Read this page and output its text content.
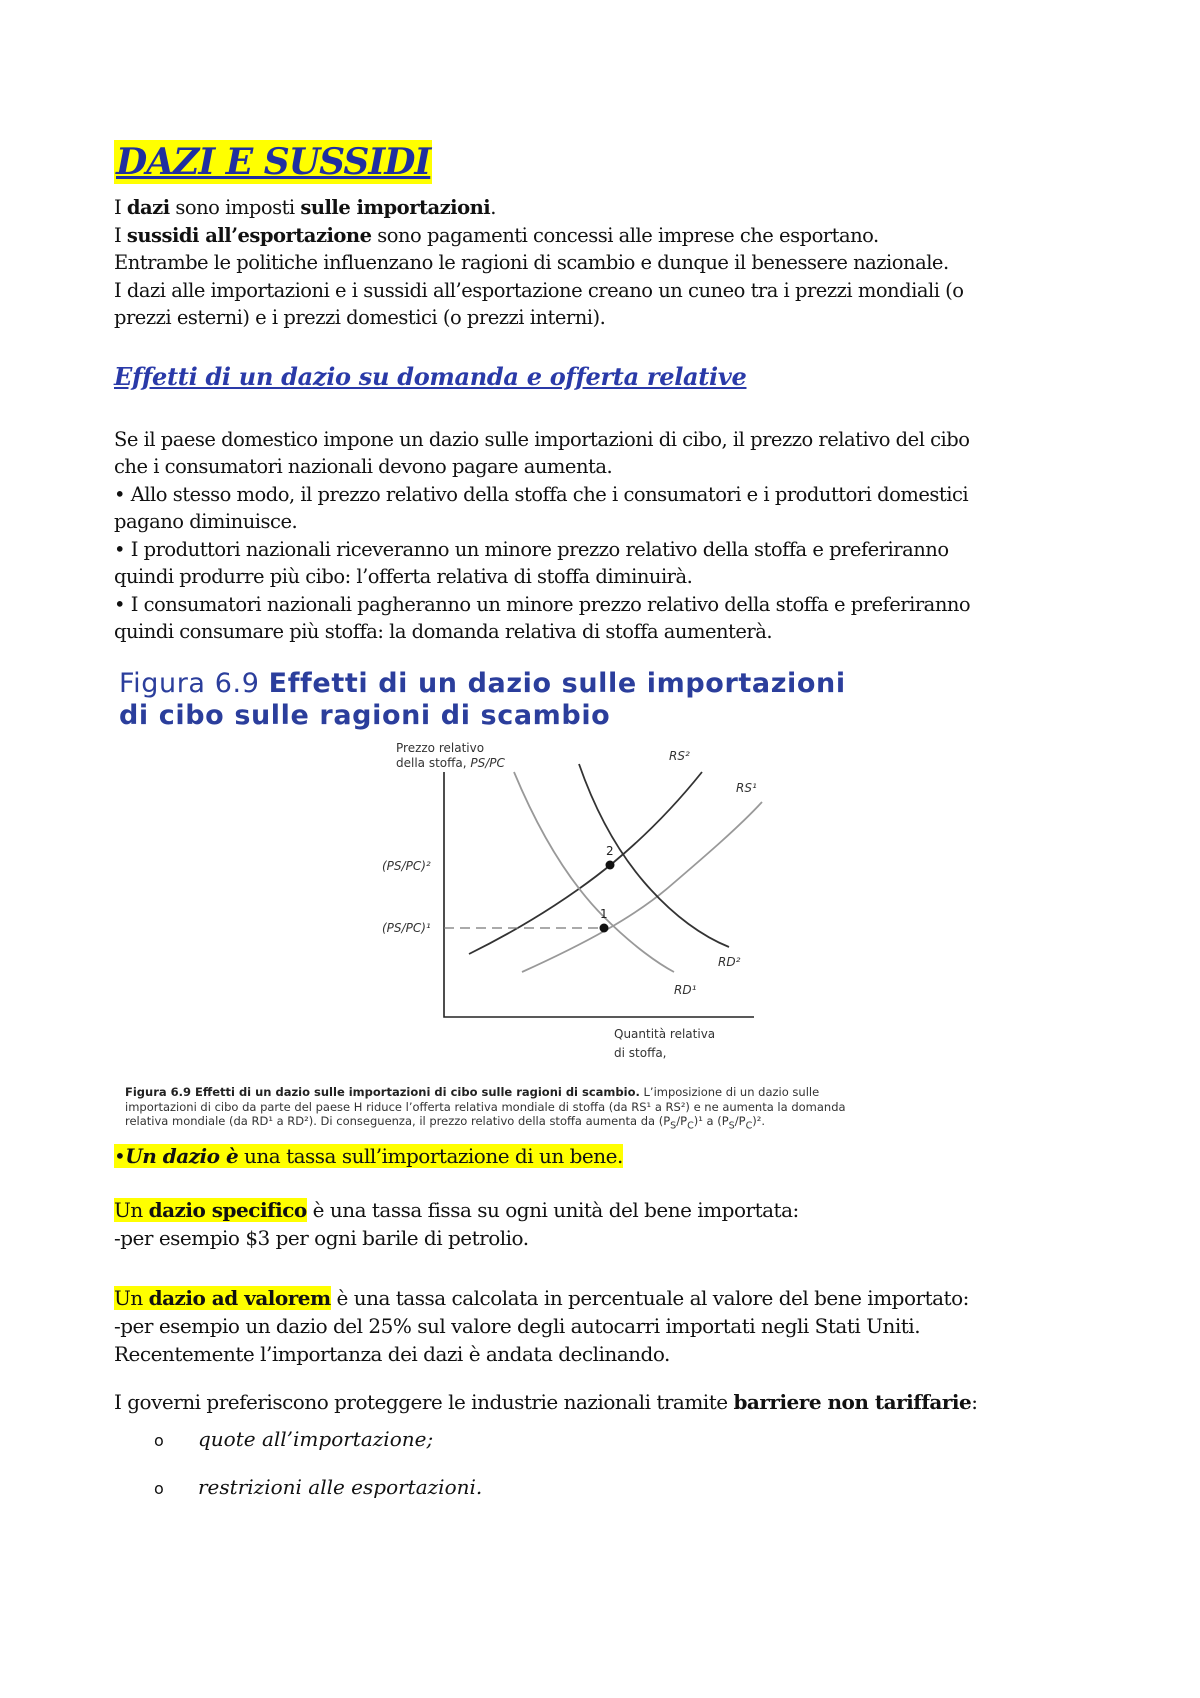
DAZI E SUSSIDI

I dazi sono imposti sulle importazioni.

I sussidi all’esportazione sono pagamenti concessi alle imprese che esportano.

Entrambe le politiche influenzano le ragioni di scambio e dunque il benessere nazionale.

I dazi alle importazioni e i sussidi all’esportazione creano un cuneo tra i prezzi mondiali (o

prezzi esterni) e i prezzi domestici (o prezzi interni).

Effetti di un dazio su domanda e offerta relative

Se il paese domestico impone un dazio sulle importazioni di cibo, il prezzo relativo del cibo

che i consumatori nazionali devono pagare aumenta.

• Allo stesso modo, il prezzo relativo della stoffa che i consumatori e i produttori domestici

pagano diminuisce.

• I produttori nazionali riceveranno un minore prezzo relativo della stoffa e preferiranno

quindi produrre più cibo: l’offerta relativa di stoffa diminuirà.

• I consumatori nazionali pagheranno un minore prezzo relativo della stoffa e preferiranno

quindi consumare più stoffa: la domanda relativa di stoffa aumenterà.

Figura 6.9 Effetti di un dazio sulle importazioni
di cibo sulle ragioni di scambio
Prezzo relativo
della stoffa, PS/PC
Quantità relativa
di stoffa,
RS²
RS¹
RD¹
RD²
1
2
(PS/PC)²
(PS/PC)¹

•Un dazio è una tassa sull’importazione di un bene.

Un dazio specifico è una tassa fissa su ogni unità del bene importata:

-per esempio $3 per ogni barile di petrolio.

Un dazio ad valorem è una tassa calcolata in percentuale al valore del bene importato:

-per esempio un dazio del 25% sul valore degli autocarri importati negli Stati Uniti.

Recentemente l’importanza dei dazi è andata declinando.

I governi preferiscono proteggere le industrie nazionali tramite barriere non tariffarie:

o quote all’importazione;
o restrizioni alle esportazioni.
Figura 6.9 Effetti di un dazio sulle importazioni di cibo sulle ragioni di scambio. L’imposizione di un dazio sulle importazioni di cibo da parte del paese H riduce l’offerta relativa mondiale di stoffa (da RS¹ a RS²) e ne aumenta la domanda relativa mondiale (da RD¹ a RD²). Di conseguenza, il prezzo relativo della stoffa aumenta da $(P_S/P_C)^1$ a $(P_S/P_C)^2$.
